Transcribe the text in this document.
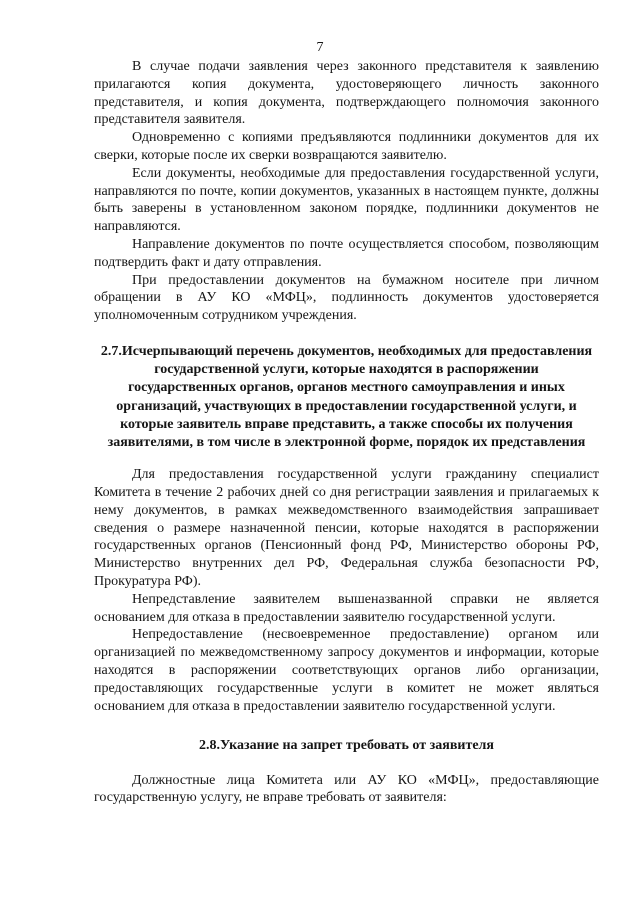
7

В случае подачи заявления через законного представителя к заявлению прилагаются копия документа, удостоверяющего личность законного представителя, и копия документа, подтверждающего полномочия законного представителя заявителя.

Одновременно с копиями предъявляются подлинники документов для их сверки, которые после их сверки возвращаются заявителю.

Если документы, необходимые для предоставления государственной услуги, направляются по почте, копии документов, указанных в настоящем пункте, должны быть заверены в установленном законом порядке, подлинники документов не направляются.

Направление документов по почте осуществляется способом, позволяющим подтвердить факт и дату отправления.

При предоставлении документов на бумажном носителе при личном обращении в АУ КО «МФЦ», подлинность документов удостоверяется уполномоченным сотрудником учреждения.

2.7.Исчерпывающий перечень документов, необходимых для предоставления государственной услуги, которые находятся в распоряжении государственных органов, органов местного самоуправления и иных организаций, участвующих в предоставлении государственной услуги, и которые заявитель вправе представить, а также способы их получения заявителями, в том числе в электронной форме, порядок их представления

Для предоставления государственной услуги гражданину специалист Комитета в течение 2 рабочих дней со дня регистрации заявления и прилагаемых к нему документов, в рамках межведомственного взаимодействия запрашивает сведения о размере назначенной пенсии, которые находятся в распоряжении государственных органов (Пенсионный фонд РФ, Министерство обороны РФ, Министерство внутренних дел РФ, Федеральная служба безопасности РФ, Прокуратура РФ).

Непредставление заявителем вышеназванной справки не является основанием для отказа в предоставлении заявителю государственной услуги.

Непредоставление (несвоевременное предоставление) органом или организацией по межведомственному запросу документов и информации, которые находятся в распоряжении соответствующих органов либо организации, предоставляющих государственные услуги в комитет не может являться основанием для отказа в предоставлении заявителю государственной услуги.

2.8.Указание на запрет требовать от заявителя

Должностные лица Комитета или АУ КО «МФЦ», предоставляющие государственную услугу, не вправе требовать от заявителя:
